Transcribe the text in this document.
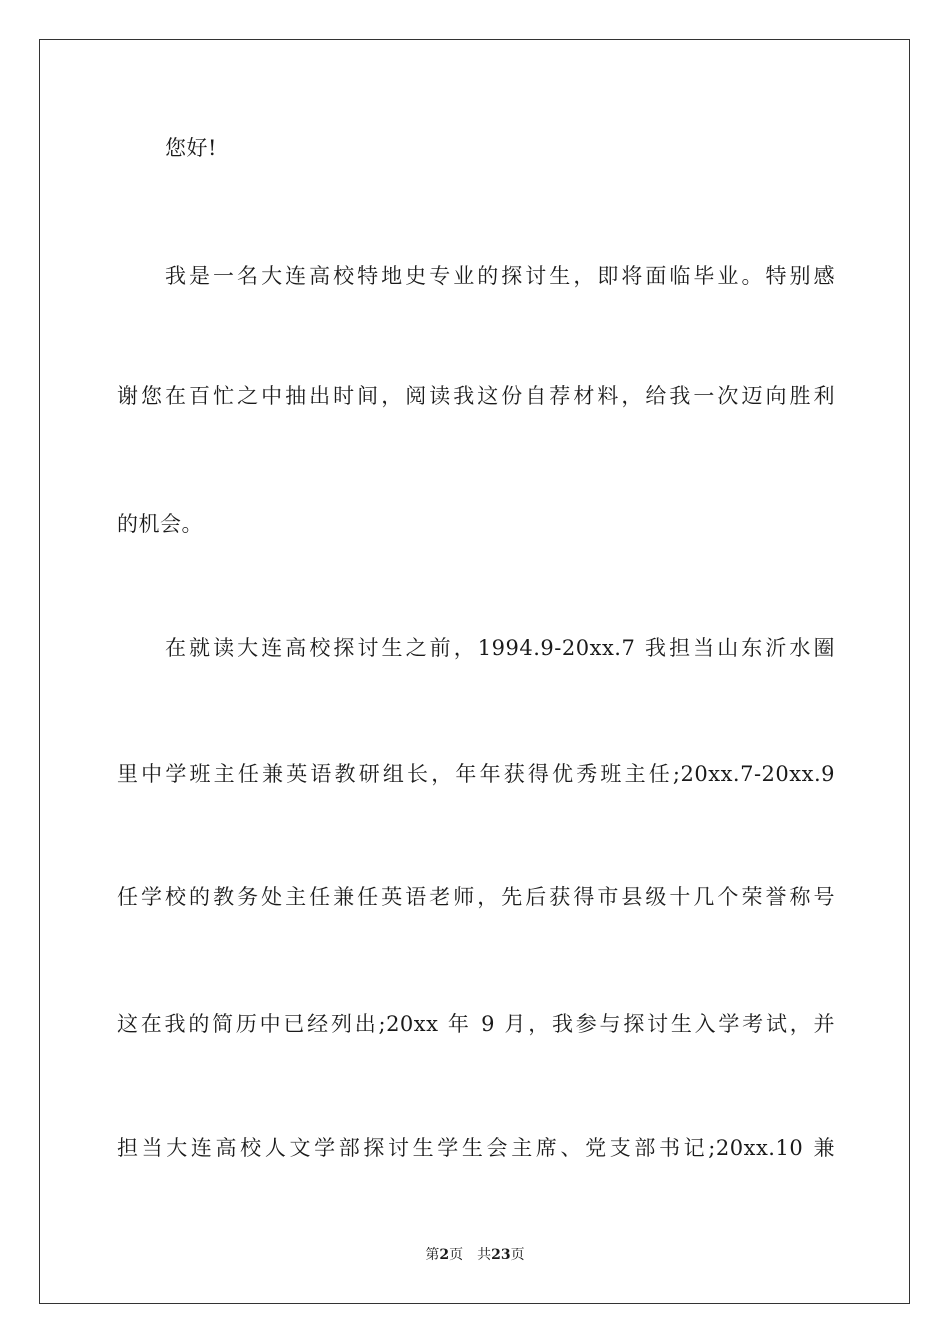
您好!
我是一名大连高校特地史专业的探讨生，即将面临毕业。特别感
谢您在百忙之中抽出时间，阅读我这份自荐材料，给我一次迈向胜利
的机会。
在就读大连高校探讨生之前，1994.9-20xx.7 我担当山东沂水圈
里中学班主任兼英语教研组长，年年获得优秀班主任;20xx.7-20xx.9
任学校的教务处主任兼任英语老师，先后获得市县级十几个荣誉称号
这在我的简历中已经列出;20xx 年 9 月，我参与探讨生入学考试，并
担当大连高校人文学部探讨生学生会主席、党支部书记;20xx.10 兼
第2页 共23页
